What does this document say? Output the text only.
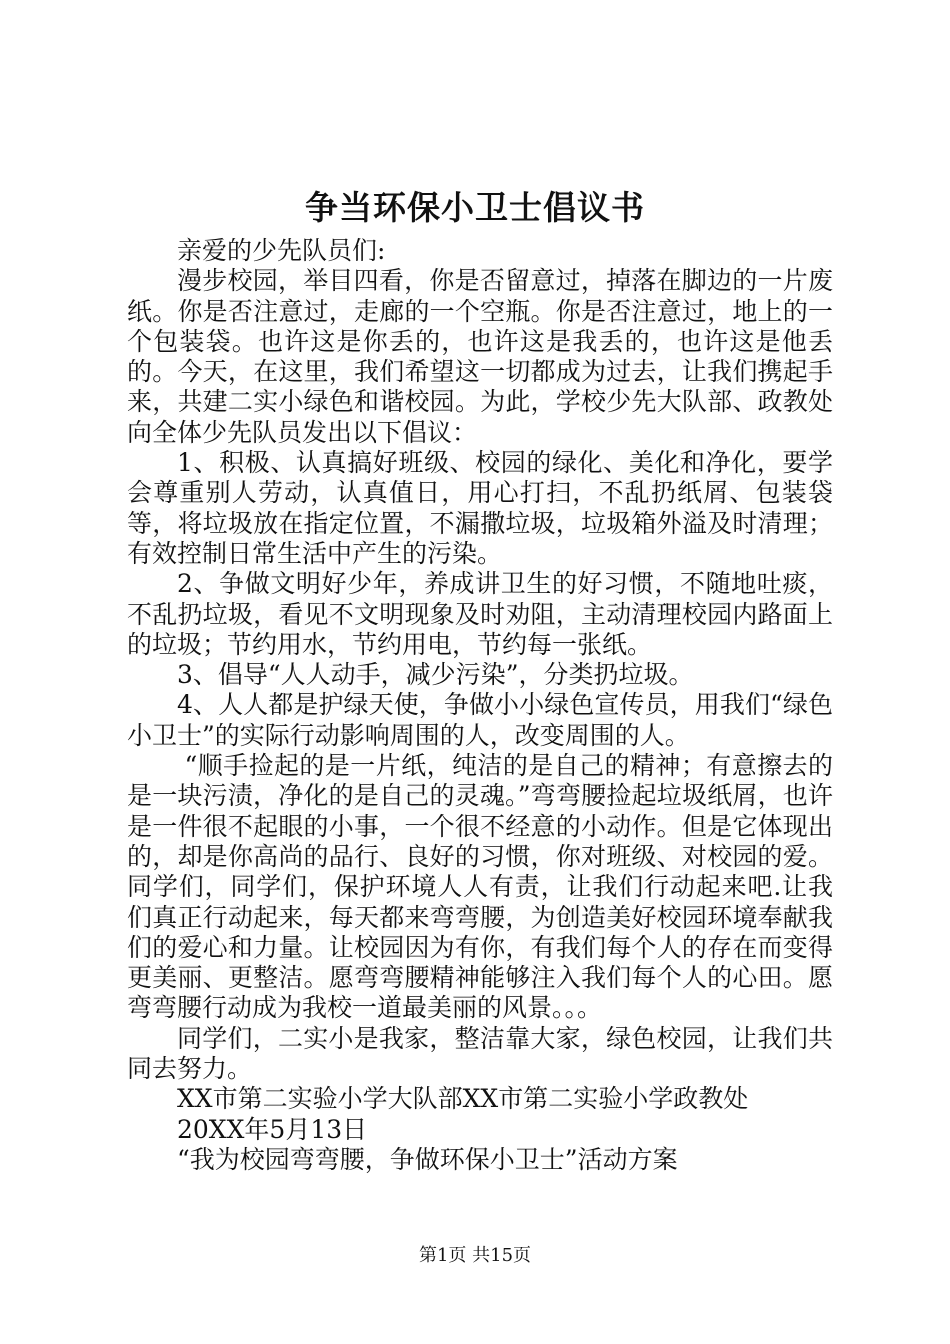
争当环保小卫士倡议书

亲爱的少先队员们:

漫步校园，举目四看，你是否留意过，掉落在脚边的一片废纸。你是否注意过，走廊的一个空瓶。你是否注意过，地上的一个包装袋。也许这是你丢的，也许这是我丢的，也许这是他丢的。今天，在这里，我们希望这一切都成为过去，让我们携起手来，共建二实小绿色和谐校园。为此，学校少先大队部、政教处向全体少先队员发出以下倡议：

1、积极、认真搞好班级、校园的绿化、美化和净化，要学会尊重别人劳动，认真值日，用心打扫，不乱扔纸屑、包装袋等，将垃圾放在指定位置，不漏撒垃圾，垃圾箱外溢及时清理；有效控制日常生活中产生的污染。

2、争做文明好少年，养成讲卫生的好习惯，不随地吐痰，不乱扔垃圾，看见不文明现象及时劝阻，主动清理校园内路面上的垃圾；节约用水，节约用电，节约每一张纸。

3、倡导“人人动手，减少污染”，分类扔垃圾。

4、人人都是护绿天使，争做小小绿色宣传员，用我们“绿色小卫士”的实际行动影响周围的人，改变周围的人。

“顺手捡起的是一片纸，纯洁的是自己的精神；有意擦去的是一块污渍，净化的是自己的灵魂。”弯弯腰捡起垃圾纸屑，也许是一件很不起眼的小事，一个很不经意的小动作。但是它体现出的，却是你高尚的品行、良好的习惯，你对班级、对校园的爱。同学们，同学们，保护环境人人有责，让我们行动起来吧.让我们真正行动起来，每天都来弯弯腰，为创造美好校园环境奉献我们的爱心和力量。让校园因为有你，有我们每个人的存在而变得更美丽、更整洁。愿弯弯腰精神能够注入我们每个人的心田。愿弯弯腰行动成为我校一道最美丽的风景。。。

同学们，二实小是我家，整洁靠大家，绿色校园，让我们共同去努力。

XX市第二实验小学大队部XX市第二实验小学政教处

20XX年5月13日

“我为校园弯弯腰，争做环保小卫士”活动方案

第1页 共15页
